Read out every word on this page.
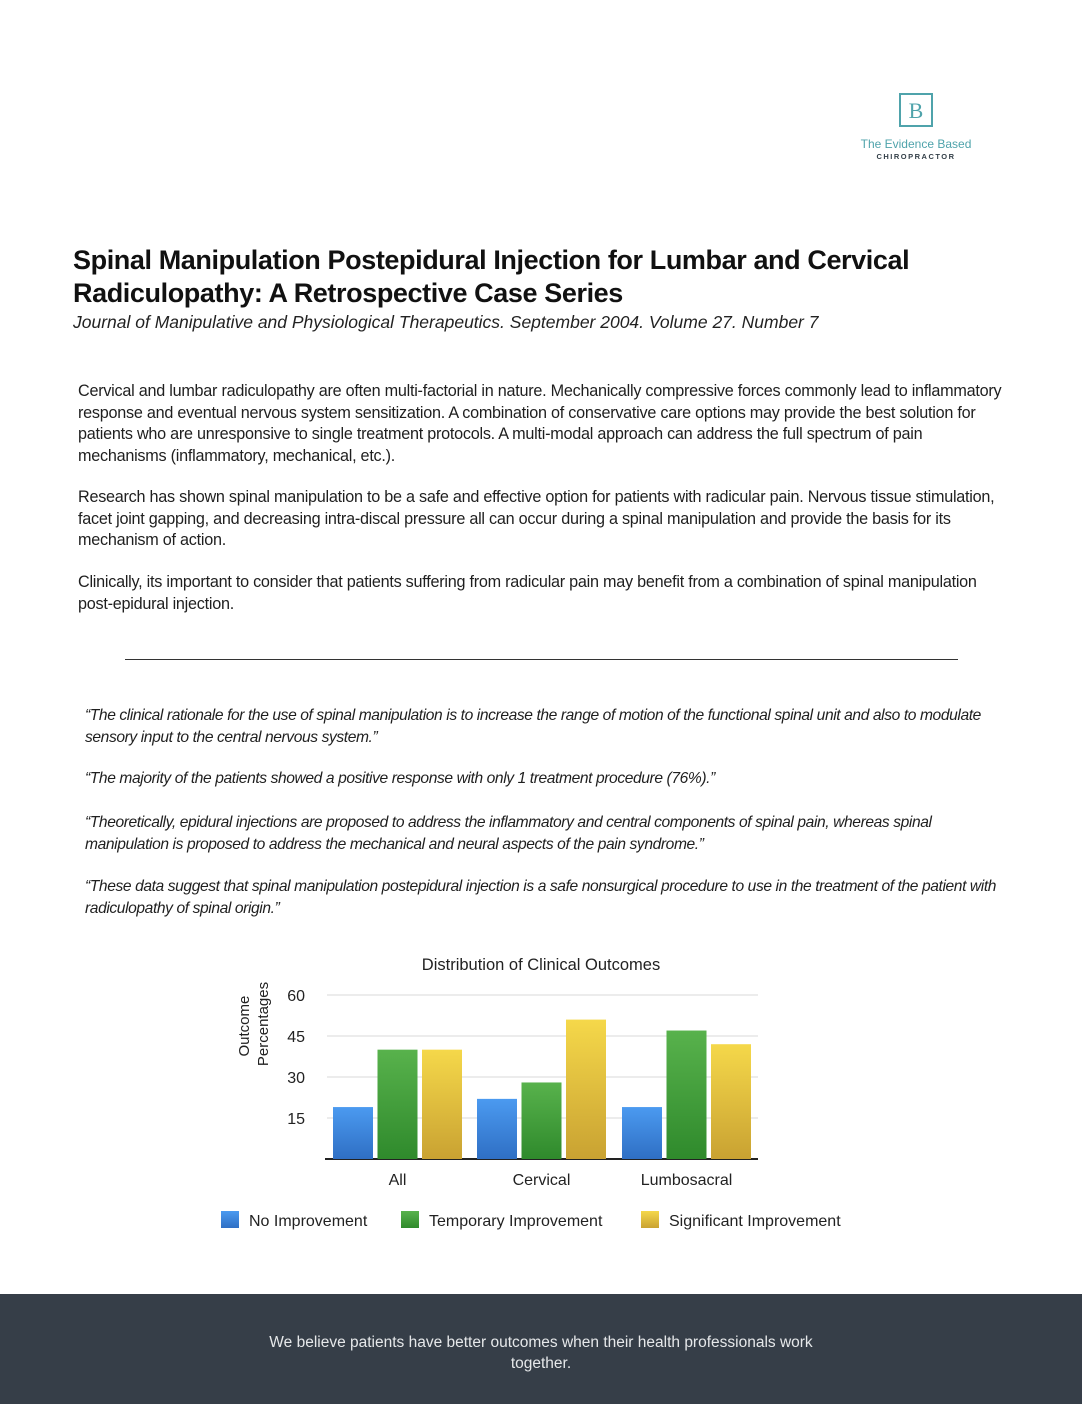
B
The Evidence Based
CHIROPRACTOR
Spinal Manipulation Postepidural Injection for Lumbar and Cervical Radiculopathy: A Retrospective Case Series

Journal of Manipulative and Physiological Therapeutics. September 2004. Volume 27. Number 7

Cervical and lumbar radiculopathy are often multi-factorial in nature. Mechanically compressive forces commonly lead to inflammatory response and eventual nervous system sensitization. A combination of conservative care options may provide the best solution for patients who are unresponsive to single treatment protocols. A multi-modal approach can address the full spectrum of pain mechanisms (inflammatory, mechanical, etc.).

Research has shown spinal manipulation to be a safe and effective option for patients with radicular pain. Nervous tissue stimulation, facet joint gapping, and decreasing intra-discal pressure all can occur during a spinal manipulation and provide the basis for its mechanism of action.

Clinically, its important to consider that patients suffering from radicular pain may benefit from a combination of spinal manipulation post-epidural injection.

“The clinical rationale for the use of spinal manipulation is to increase the range of motion of the functional spinal unit and also to modulate sensory input to the central nervous system.”

“The majority of the patients showed a positive response with only 1 treatment procedure (76%).”

“Theoretically, epidural injections are proposed to address the inflammatory and central components of spinal pain, whereas spinal manipulation is proposed to address the mechanical and neural aspects of the pain syndrome.”

“These data suggest that spinal manipulation postepidural injection is a safe nonsurgical procedure to use in the treatment of the patient with radiculopathy of spinal origin.”

Distribution of Clinical Outcomes
Outcome Percentages
15
30
45
60
All	Cervical	Lumbosacral
No Improvement	Temporary Improvement	Significant Improvement

We believe patients have better outcomes when their health professionals work together.
